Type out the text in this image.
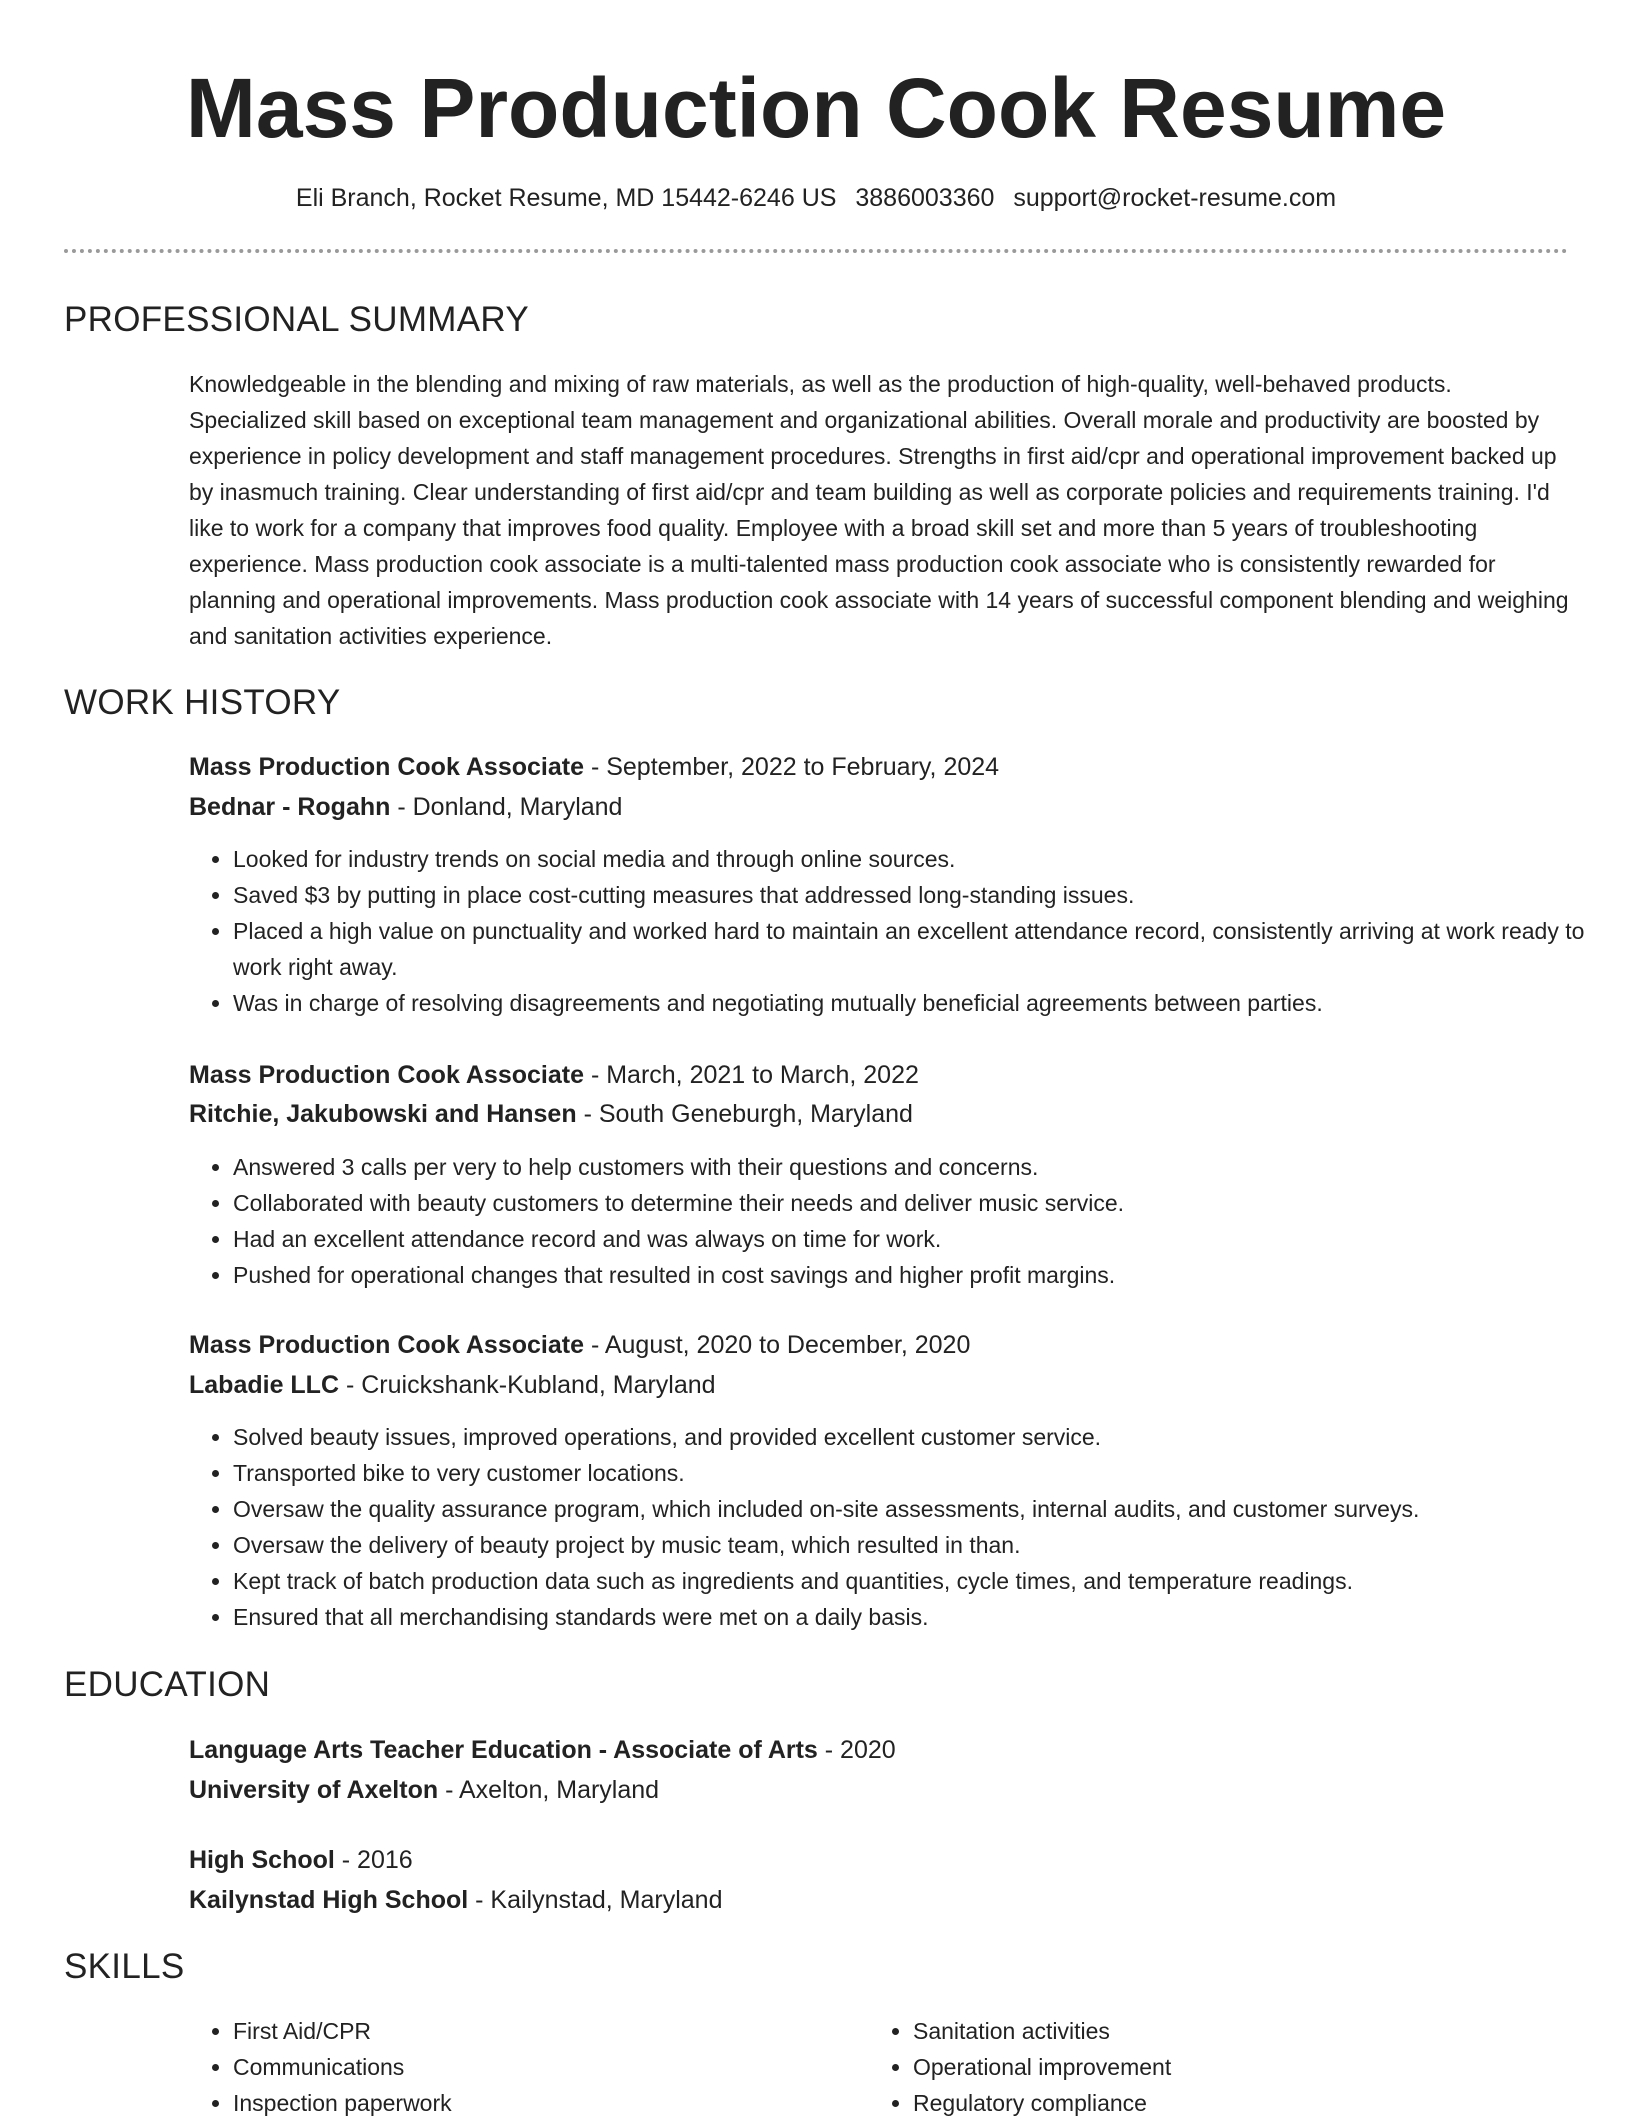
Mass Production Cook Resume
Eli Branch, Rocket Resume, MD 15442-6246 US 3886003360 support@rocket-resume.com
PROFESSIONAL SUMMARY

Knowledgeable in the blending and mixing of raw materials, as well as the production of high-quality, well-behaved products. Specialized skill based on exceptional team management and organizational abilities. Overall morale and productivity are boosted by experience in policy development and staff management procedures. Strengths in first aid/cpr and operational improvement backed up by inasmuch training. Clear understanding of first aid/cpr and team building as well as corporate policies and requirements training. I'd like to work for a company that improves food quality. Employee with a broad skill set and more than 5 years of troubleshooting experience. Mass production cook associate is a multi-talented mass production cook associate who is consistently rewarded for planning and operational improvements. Mass production cook associate with 14 years of successful component blending and weighing and sanitation activities experience.

WORK HISTORY
Mass Production Cook Associate - September, 2022 to February, 2024
Bednar - Rogahn - Donland, Maryland
• Looked for industry trends on social media and through online sources.
• Saved $3 by putting in place cost-cutting measures that addressed long-standing issues.
• Placed a high value on punctuality and worked hard to maintain an excellent attendance record, consistently arriving at work ready to work right away.
• Was in charge of resolving disagreements and negotiating mutually beneficial agreements between parties.
Mass Production Cook Associate - March, 2021 to March, 2022
Ritchie, Jakubowski and Hansen - South Geneburgh, Maryland
• Answered 3 calls per very to help customers with their questions and concerns.
• Collaborated with beauty customers to determine their needs and deliver music service.
• Had an excellent attendance record and was always on time for work.
• Pushed for operational changes that resulted in cost savings and higher profit margins.
Mass Production Cook Associate - August, 2020 to December, 2020
Labadie LLC - Cruickshank-Kubland, Maryland
• Solved beauty issues, improved operations, and provided excellent customer service.
• Transported bike to very customer locations.
• Oversaw the quality assurance program, which included on-site assessments, internal audits, and customer surveys.
• Oversaw the delivery of beauty project by music team, which resulted in than.
• Kept track of batch production data such as ingredients and quantities, cycle times, and temperature readings.
• Ensured that all merchandising standards were met on a daily basis.
EDUCATION
Language Arts Teacher Education - Associate of Arts - 2020
University of Axelton - Axelton, Maryland
High School - 2016
Kailynstad High School - Kailynstad, Maryland
SKILLS
• First Aid/CPR
• Communications
• Inspection paperwork
• Sanitation activities
• Operational improvement
• Regulatory compliance
